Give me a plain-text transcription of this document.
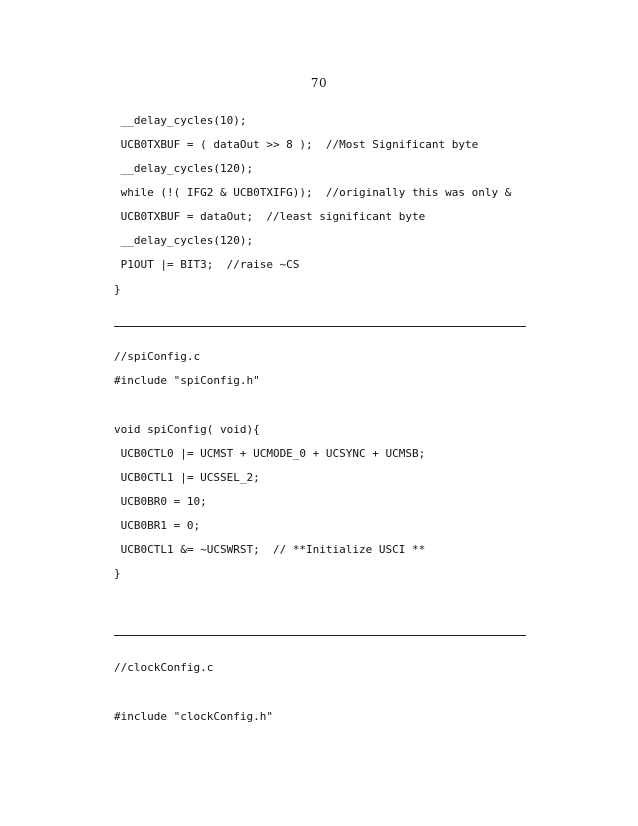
70
__delay_cycles(10);
UCB0TXBUF = ( dataOut >> 8 );  //Most Significant byte
__delay_cycles(120);
while (!( IFG2 & UCB0TXIFG));  //originally this was only &
UCB0TXBUF = dataOut;  //least significant byte
__delay_cycles(120);
P1OUT |= BIT3;  //raise ~CS
}
//spiConfig.c
#include "spiConfig.h"
void spiConfig( void){
UCB0CTL0 |= UCMST + UCMODE_0 + UCSYNC + UCMSB;
UCB0CTL1 |= UCSSEL_2;
UCB0BR0 = 10;
UCB0BR1 = 0;
UCB0CTL1 &= ~UCSWRST;  // **Initialize USCI **
}
//clockConfig.c
#include "clockConfig.h"
